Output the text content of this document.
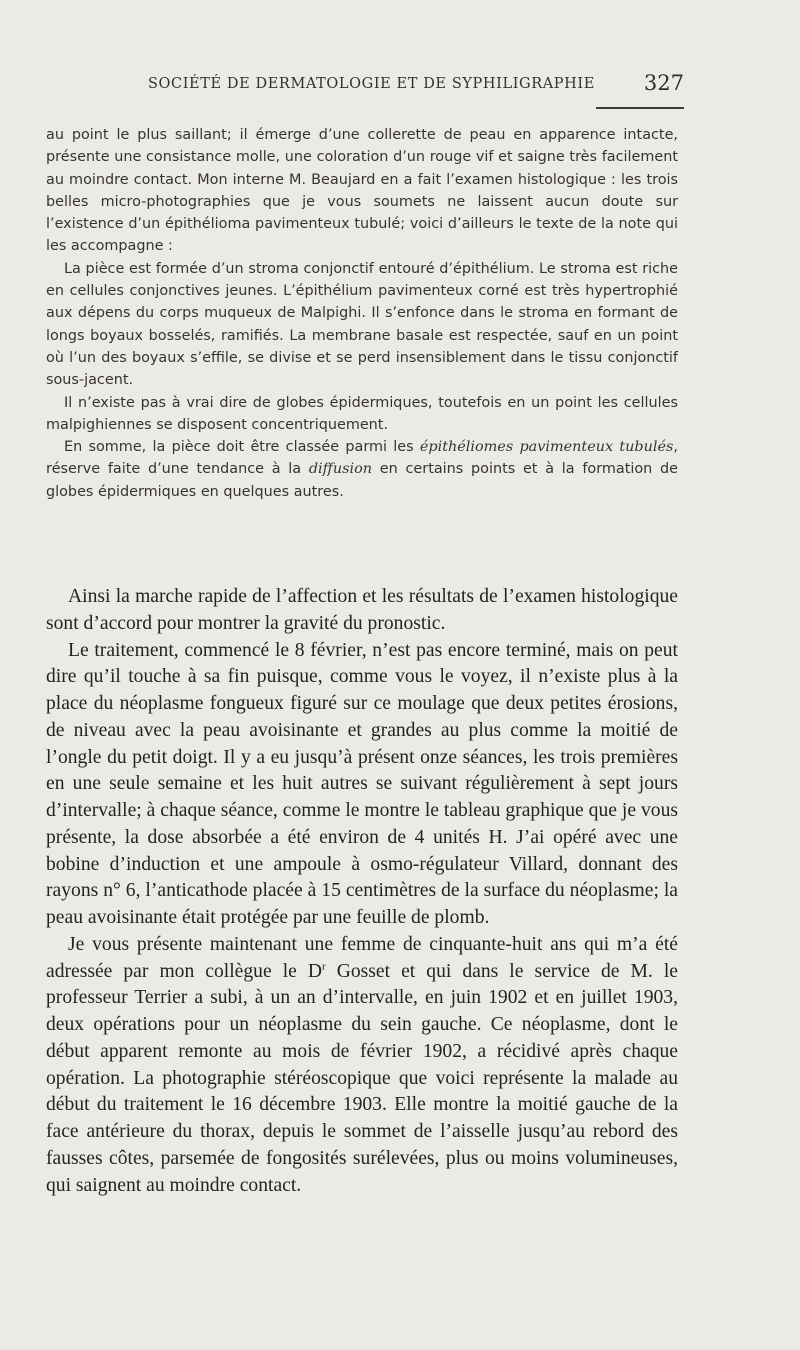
SOCIÉTÉ DE DERMATOLOGIE ET DE SYPHILIGRAPHIE 327

au point le plus saillant; il émerge d’une collerette de peau en apparence intacte, présente une consistance molle, une coloration d’un rouge vif et saigne très facilement au moindre contact. Mon interne M. Beaujard en a fait l’examen histologique : les trois belles micro-photographies que je vous soumets ne laissent aucun doute sur l’existence d’un épithélioma pavimenteux tubulé; voici d’ailleurs le texte de la note qui les accompagne :

La pièce est formée d’un stroma conjonctif entouré d’épithélium. Le stroma est riche en cellules conjonctives jeunes. L’épithélium pavimenteux corné est très hypertrophié aux dépens du corps muqueux de Malpighi. Il s’enfonce dans le stroma en formant de longs boyaux bosselés, ramifiés. La membrane basale est respectée, sauf en un point où l’un des boyaux s’effile, se divise et se perd insensiblement dans le tissu conjonctif sous-jacent.

Il n’existe pas à vrai dire de globes épidermiques, toutefois en un point les cellules malpighiennes se disposent concentriquement.

En somme, la pièce doit être classée parmi les épithéliomes pavimenteux tubulés, réserve faite d’une tendance à la diffusion en certains points et à la formation de globes épidermiques en quelques autres.

Ainsi la marche rapide de l’affection et les résultats de l’examen histologique sont d’accord pour montrer la gravité du pronostic.

Le traitement, commencé le 8 février, n’est pas encore terminé, mais on peut dire qu’il touche à sa fin puisque, comme vous le voyez, il n’existe plus à la place du néoplasme fongueux figuré sur ce moulage que deux petites érosions, de niveau avec la peau avoisinante et grandes au plus comme la moitié de l’ongle du petit doigt. Il y a eu jusqu’à présent onze séances, les trois premières en une seule semaine et les huit autres se suivant régulièrement à sept jours d’intervalle; à chaque séance, comme le montre le tableau graphique que je vous présente, la dose absorbée a été environ de 4 unités H. J’ai opéré avec une bobine d’induction et une ampoule à osmo-régulateur Villard, donnant des rayons n° 6, l’anticathode placée à 15 centimètres de la surface du néoplasme; la peau avoisinante était protégée par une feuille de plomb.

Je vous présente maintenant une femme de cinquante-huit ans qui m’a été adressée par mon collègue le $D^r$ Gosset et qui dans le service de M. le professeur Terrier a subi, à un an d’intervalle, en juin 1902 et en juillet 1903, deux opérations pour un néoplasme du sein gauche. Ce néoplasme, dont le début apparent remonte au mois de février 1902, a récidivé après chaque opération. La photographie stéréoscopique que voici représente la malade au début du traitement le 16 décembre 1903. Elle montre la moitié gauche de la face antérieure du thorax, depuis le sommet de l’aisselle jusqu’au rebord des fausses côtes, parsemée de fongosités surélevées, plus ou moins volumineuses, qui saignent au moindre contact.
